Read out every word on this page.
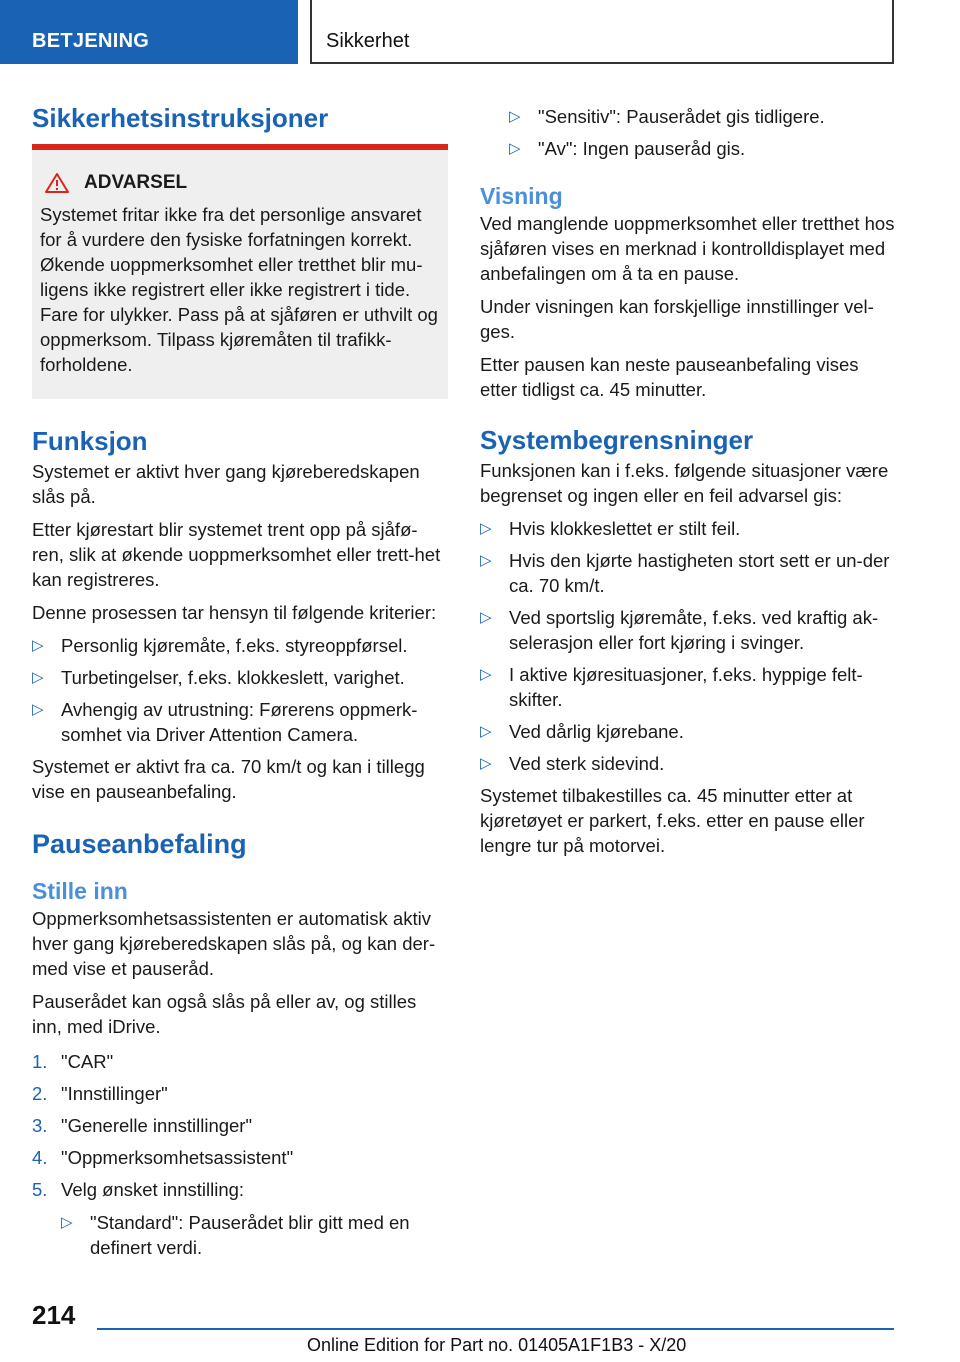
BETJENING	Sikkerhet
Sikkerhetsinstruksjoner
ADVARSEL

Systemet fritar ikke fra det personlige ansvaret for å vurdere den fysiske forfatningen korrekt. Økende uoppmerksomhet eller tretthet blir mu-ligens ikke registrert eller ikke registrert i tide. Fare for ulykker. Pass på at sjåføren er uthvilt og oppmerksom. Tilpass kjøremåten til trafikk-forholdene.

Funksjon

Systemet er aktivt hver gang kjøreberedskapen slås på.

Etter kjørestart blir systemet trent opp på sjåfø-ren, slik at økende uoppmerksomhet eller trett-het kan registreres.

Denne prosessen tar hensyn til følgende kriterier:

▷ Personlig kjøremåte, f.eks. styreoppførsel.
▷ Turbetingelser, f.eks. klokkeslett, varighet.
▷ Avhengig av utrustning: Førerens oppmerk-somhet via Driver Attention Camera.

Systemet er aktivt fra ca. 70 km/t og kan i tillegg vise en pauseanbefaling.

Pauseanbefaling
Stille inn

Oppmerksomhetsassistenten er automatisk aktiv hver gang kjøreberedskapen slås på, og kan der-med vise et pauseråd.

Pauserådet kan også slås på eller av, og stilles inn, med iDrive.

1. "CAR"
2. "Innstillinger"
3. "Generelle innstillinger"
4. "Oppmerksomhetsassistent"
5. Velg ønsket innstilling:
▷ "Standard": Pauserådet blir gitt med en definert verdi.
▷ "Sensitiv": Pauserådet gis tidligere.
▷ "Av": Ingen pauseråd gis.
Visning

Ved manglende uoppmerksomhet eller tretthet hos sjåføren vises en merknad i kontrolldisplayet med anbefalingen om å ta en pause.

Under visningen kan forskjellige innstillinger vel-ges.

Etter pausen kan neste pauseanbefaling vises etter tidligst ca. 45 minutter.

Systembegrensninger

Funksjonen kan i f.eks. følgende situasjoner være begrenset og ingen eller en feil advarsel gis:

▷ Hvis klokkeslettet er stilt feil.
▷ Hvis den kjørte hastigheten stort sett er un-der ca. 70 km/t.
▷ Ved sportslig kjøremåte, f.eks. ved kraftig ak-selerasjon eller fort kjøring i svinger.
▷ I aktive kjøresituasjoner, f.eks. hyppige felt-skifter.
▷ Ved dårlig kjørebane.
▷ Ved sterk sidevind.

Systemet tilbakestilles ca. 45 minutter etter at kjøretøyet er parkert, f.eks. etter en pause eller lengre tur på motorvei.

214
Online Edition for Part no. 01405A1F1B3 - X/20
